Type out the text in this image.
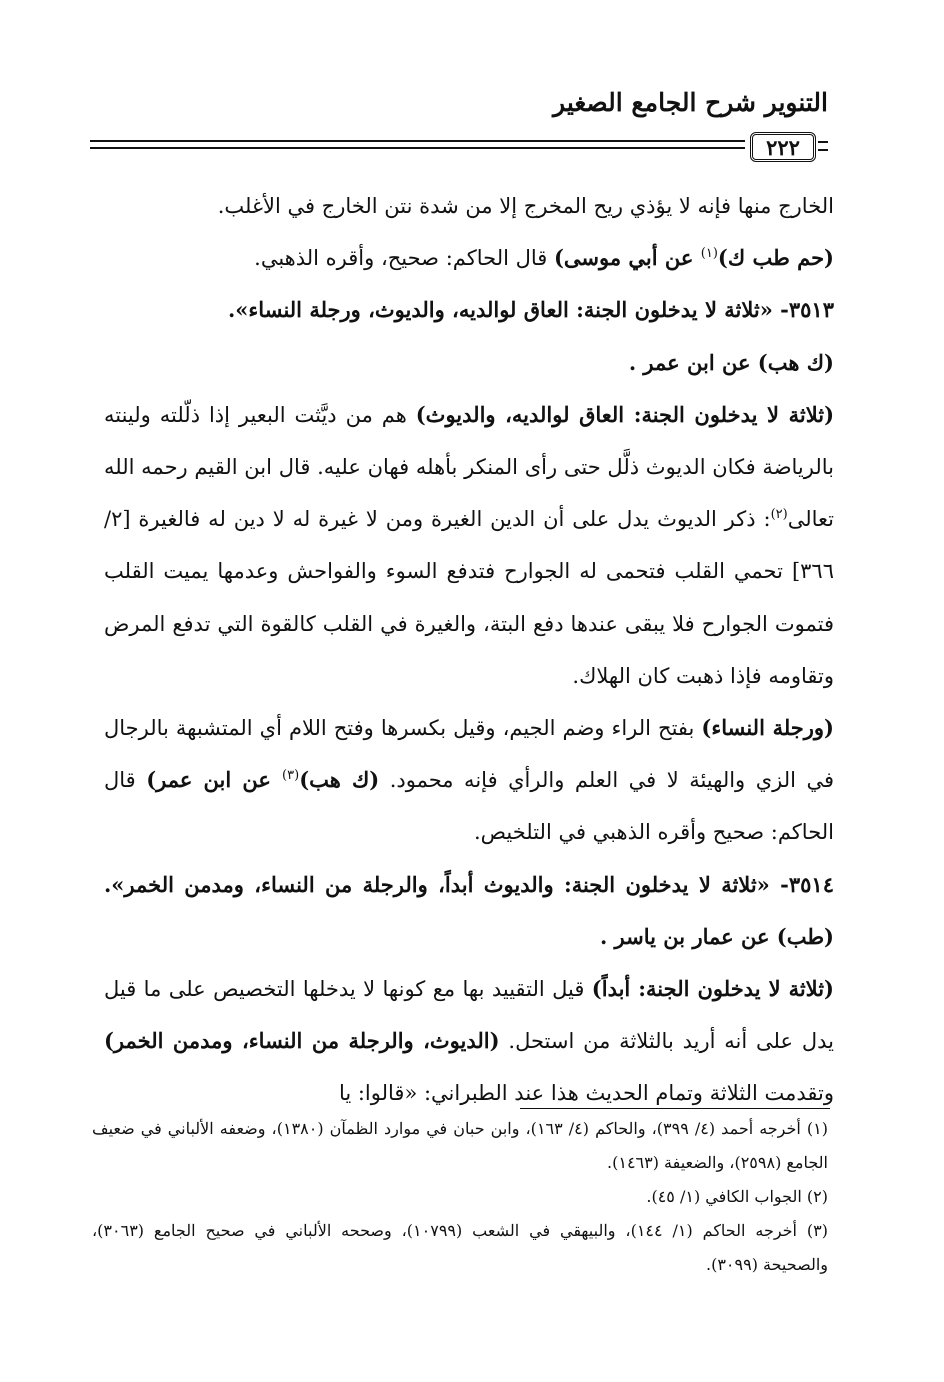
التنوير شرح الجامع الصغير
٢٢٢

الخارج منها فإنه لا يؤذي ريح المخرج إلا من شدة نتن الخارج في الأغلب.

(حم طب ك)$^{(١)}$ عن أبي موسى) قال الحاكم: صحيح، وأقره الذهبي.

٣٥١٣- «ثلاثة لا يدخلون الجنة: العاق لوالديه، والديوث، ورجلة النساء».

(ك هب) عن ابن عمر .

(ثلاثة لا يدخلون الجنة: العاق لوالديه، والديوث) هم من ديَّثت البعير إذا ذلّلته ولينته بالرياضة فكان الديوث ذلَّل حتى رأى المنكر بأهله فهان عليه. قال ابن القيم رحمه الله تعالى$^{(٢)}$: ذكر الديوث يدل على أن الدين الغيرة ومن لا غيرة له لا دين له فالغيرة [٢/ ٣٦٦] تحمي القلب فتحمى له الجوارح فتدفع السوء والفواحش وعدمها يميت القلب فتموت الجوارح فلا يبقى عندها دفع البتة، والغيرة في القلب كالقوة التي تدفع المرض وتقاومه فإذا ذهبت كان الهلاك.

(ورجلة النساء) بفتح الراء وضم الجيم، وقيل بكسرها وفتح اللام أي المتشبهة بالرجال في الزي والهيئة لا في العلم والرأي فإنه محمود. (ك هب)$^{(٣)}$ عن ابن عمر) قال الحاكم: صحيح وأقره الذهبي في التلخيص.

٣٥١٤- «ثلاثة لا يدخلون الجنة: والديوث أبداً، والرجلة من النساء، ومدمن الخمر». (طب) عن عمار بن ياسر .

(ثلاثة لا يدخلون الجنة: أبداً) قيل التقييد بها مع كونها لا يدخلها التخصيص على ما قيل يدل على أنه أريد بالثلاثة من استحل. (الديوث، والرجلة من النساء، ومدمن الخمر) وتقدمت الثلاثة وتمام الحديث هذا عند الطبراني: «قالوا: يا

(١) أخرجه أحمد (٤/ ٣٩٩)، والحاكم (٤/ ١٦٣)، وابن حبان في موارد الظمآن (١٣٨٠)، وضعفه الألباني في ضعيف الجامع (٢٥٩٨)، والضعيفة (١٤٦٣).

(٢) الجواب الكافي (١/ ٤٥).

(٣) أخرجه الحاكم (١/ ١٤٤)، والبيهقي في الشعب (١٠٧٩٩)، وصححه الألباني في صحيح الجامع (٣٠٦٣)، والصحيحة (٣٠٩٩).
